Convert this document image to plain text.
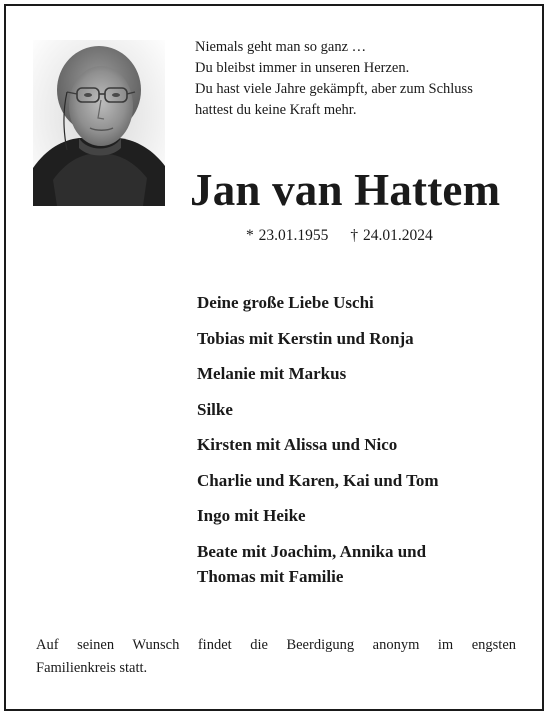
Niemals geht man so ganz …
Du bleibst immer in unseren Herzen.
Du hast viele Jahre gekämpft, aber zum Schluss
hattest du keine Kraft mehr.
Jan van Hattem
* 23.01.1955 † 24.01.2024
Deine große Liebe Uschi
Tobias mit Kerstin und Ronja
Melanie mit Markus
Silke
Kirsten mit Alissa und Nico
Charlie und Karen, Kai und Tom
Ingo mit Heike
Beate mit Joachim, Annika und
Thomas mit Familie
Auf seinen Wunsch findet die Beerdigung anonym im engsten
Familienkreis statt.
